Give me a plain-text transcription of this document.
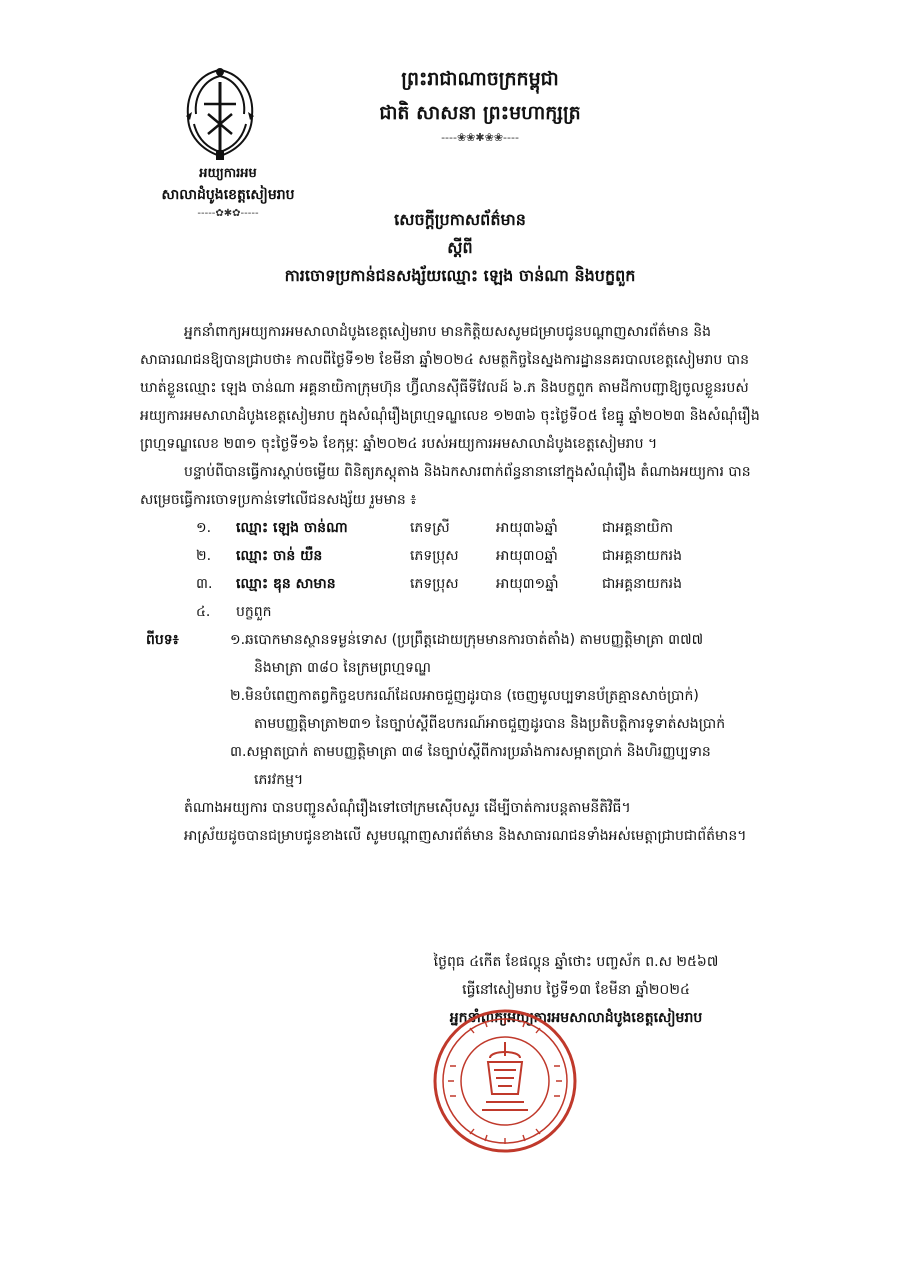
អយ្យការអម
សាលាដំបូងខេត្តសៀមរាប
-----✿✱✿-----
ព្រះរាជាណាចក្រកម្ពុជា
ជាតិ សាសនា ព្រះមហាក្សត្រ
----❀❀✱❀❀----
សេចក្តីប្រកាសព័ត៌មាន
ស្តីពី
ការចោទប្រកាន់ជនសង្ស័យឈ្មោះ ឡេង ចាន់ណា និងបក្ខពួក

អ្នកនាំពាក្យអយ្យការអមសាលាដំបូងខេត្តសៀមរាប មានកិត្តិយសសូមជម្រាបជូនបណ្ដាញសារព័ត៌មាន និងសាធារណជនឱ្យបានជ្រាបថា៖ កាលពីថ្ងៃទី១២ ខែមីនា ឆ្នាំ២០២៤ សមត្ថកិច្ចនៃស្នងការដ្ឋាននគរបាលខេត្តសៀមរាប បានឃាត់ខ្លួនឈ្មោះ ឡេង ចាន់ណា អគ្គនាយិកាក្រុមហ៊ុន ហ្វ៊ីលានស៊ីធីទីវែលដ៍ ៦.ភ និងបក្ខពួក តាមដីកាបញ្ជាឱ្យចូលខ្លួនរបស់អយ្យការអមសាលាដំបូងខេត្តសៀមរាប ក្នុងសំណុំរឿងព្រហ្មទណ្ឌលេខ ១២៣៦ ចុះថ្ងៃទី០៥ ខែធ្នូ ឆ្នាំ២០២៣ និងសំណុំរឿងព្រហ្មទណ្ឌលេខ ២៣១ ចុះថ្ងៃទី១៦ ខែកុម្ភៈ ឆ្នាំ២០២៤ របស់អយ្យការអមសាលាដំបូងខេត្តសៀមរាប ។

បន្ទាប់ពីបានធ្វើការស្តាប់ចម្លើយ ពិនិត្យភស្តុតាង និងឯកសារពាក់ព័ន្ធនានានៅក្នុងសំណុំរឿង តំណាងអយ្យការ បានសម្រេចធ្វើការចោទប្រកាន់ទៅលើជនសង្ស័យ រួមមាន ៖

១.	ឈ្មោះ ឡេង ចាន់ណា	ភេទស្រី	អាយុ៣៦ឆ្នាំ	ជាអគ្គនាយិកា
២.	ឈ្មោះ ចាន់ យឺន	ភេទប្រុស	អាយុ៣០ឆ្នាំ	ជាអគ្គនាយករង
៣.	ឈ្មោះ ឌុន សាមាន	ភេទប្រុស	អាយុ៣១ឆ្នាំ	ជាអគ្គនាយករង
៤.	បក្ខពួក
ពីបទ៖	១.ឆបោកមានស្ថានទម្ងន់ទោស (ប្រព្រឹត្តដោយក្រុមមានការចាត់តាំង) តាមបញ្ញត្តិមាត្រា ៣៧៧
និងមាត្រា ៣៨០ នៃក្រមព្រហ្មទណ្ឌ
២.មិនបំពេញកាតព្វកិច្ចឧបករណ៍ដែលអាចជួញដូរបាន (ចេញមូលប្បទានប័ត្រគ្មានសាច់ប្រាក់)
តាមបញ្ញត្តិមាត្រា២៣១ នៃច្បាប់ស្តីពីឧបករណ៍អាចជួញដូរបាន និងប្រតិបត្តិការទូទាត់សងប្រាក់
៣.សម្អាតប្រាក់ តាមបញ្ញត្តិមាត្រា ៣៨ នៃច្បាប់ស្តីពីការប្រឆាំងការសម្អាតប្រាក់ និងហិរញ្ញប្បទាន
ភេរវកម្ម។

តំណាងអយ្យការ បានបញ្ជូនសំណុំរឿងទៅចៅក្រមស៊ើបសួរ ដើម្បីចាត់ការបន្តតាមនីតិវិធី។

អាស្រ័យដូចបានជម្រាបជូនខាងលើ សូមបណ្ដាញសារព័ត៌មាន និងសាធារណជនទាំងអស់មេត្តាជ្រាបជាព័ត៌មាន។

ថ្ងៃពុធ ៤កើត ខែផល្គុន ឆ្នាំថោះ បញ្ចស័ក ព.ស ២៥៦៧
ធ្វើនៅសៀមរាប ថ្ងៃទី១៣ ខែមីនា ឆ្នាំ២០២៤
អ្នកនាំពាក្យអយ្យការអមសាលាដំបូងខេត្តសៀមរាប
